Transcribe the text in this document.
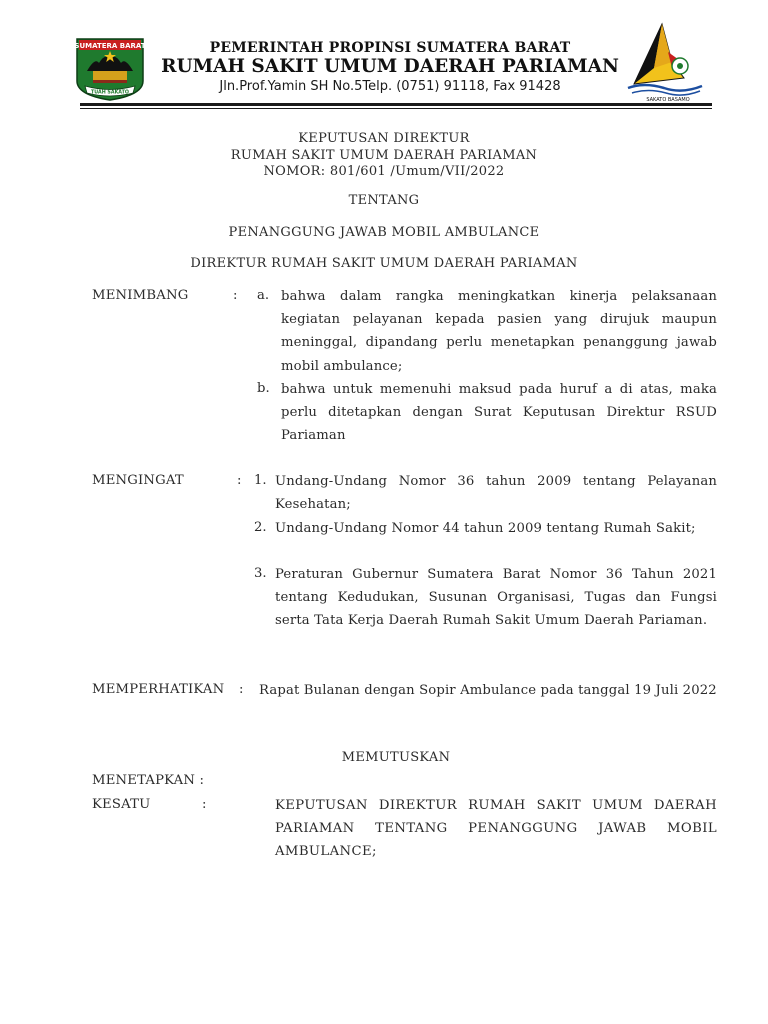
SUMATERA BARAT
TUAH SAKATO
PEMERINTAH PROPINSI SUMATERA BARAT
RUMAH SAKIT UMUM DAERAH PARIAMAN
Jln.Prof.Yamin SH No.5Telp. (0751) 91118, Fax 91428
SAKATO BASAMO
KEPUTUSAN DIREKTUR
RUMAH SAKIT UMUM DAERAH PARIAMAN
NOMOR: 801/601 /Umum/VII/2022
TENTANG
PENANGGUNG JAWAB MOBIL AMBULANCE
DIREKTUR RUMAH SAKIT UMUM DAERAH PARIAMAN
MENIMBANG	: a. bahwa dalam rangka meningkatkan kinerja pelaksanaan kegiatan pelayanan kepada pasien yang dirujuk maupun meninggal, dipandang perlu menetapkan penanggung jawab mobil ambulance;
b. bahwa untuk memenuhi maksud pada huruf a di atas, maka perlu ditetapkan dengan Surat Keputusan Direktur RSUD Pariaman
MENGINGAT	: 1. Undang-Undang Nomor 36 tahun 2009 tentang Pelayanan Kesehatan;
2. Undang-Undang Nomor 44 tahun 2009 tentang Rumah Sakit;
3. Peraturan Gubernur Sumatera Barat Nomor 36 Tahun 2021 tentang Kedudukan, Susunan Organisasi, Tugas dan Fungsi serta Tata Kerja Daerah Rumah Sakit Umum Daerah Pariaman.
MEMPERHATIKAN : Rapat Bulanan dengan Sopir Ambulance pada tanggal 19 Juli 2022
MEMUTUSKAN
MENETAPKAN :
KESATU	:	KEPUTUSAN DIREKTUR RUMAH SAKIT UMUM DAERAH PARIAMAN TENTANG PENANGGUNG JAWAB MOBIL AMBULANCE;
